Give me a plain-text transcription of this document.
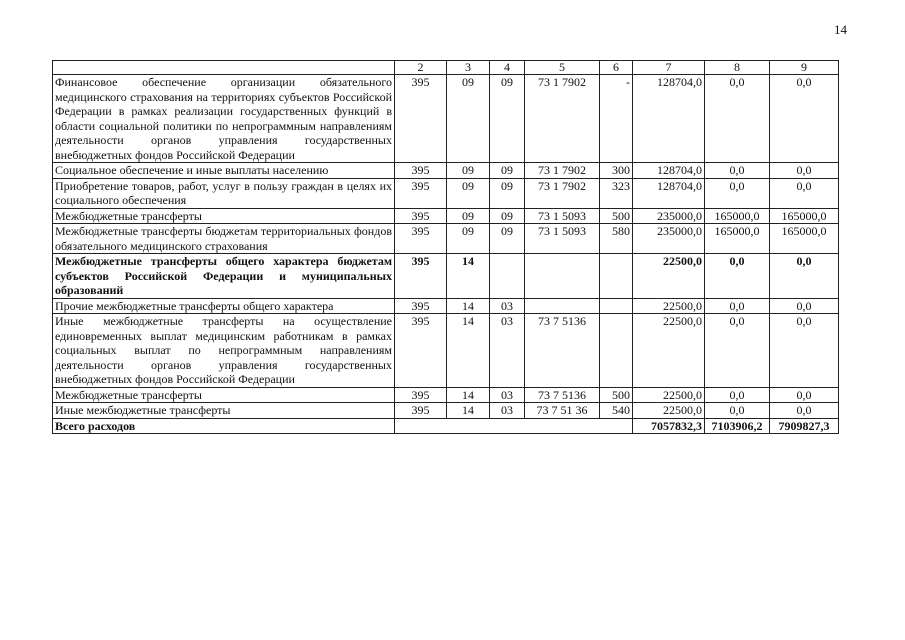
14
	2	3	4	5	6	7	8	9
Финансовое обеспечение организации обязательного медицинского страхования на территориях субъектов Российской Федерации в рамках реализации государственных функций в области социальной политики по непрограммным направлениям деятельности органов управления государственных внебюджетных фондов Российской Федерации	395	09	09	73 1 7902	-	128704,0	0,0	0,0
Социальное обеспечение и иные выплаты населению	395	09	09	73 1 7902	300	128704,0	0,0	0,0
Приобретение товаров, работ, услуг в пользу граждан в целях их социального обеспечения	395	09	09	73 1 7902	323	128704,0	0,0	0,0
Межбюджетные трансферты	395	09	09	73 1 5093	500	235000,0	165000,0	165000,0
Межбюджетные трансферты бюджетам территориальных фондов обязательного медицинского страхования	395	09	09	73 1 5093	580	235000,0	165000,0	165000,0
Межбюджетные трансферты общего характера бюджетам субъектов Российской Федерации и муниципальных образований	395	14				22500,0	0,0	0,0
Прочие межбюджетные трансферты общего характера	395	14	03			22500,0	0,0	0,0
Иные межбюджетные трансферты на осуществление единовременных выплат медицинским работникам в рамках социальных выплат по непрограммным направлениям деятельности органов управления государственных внебюджетных фондов Российской Федерации	395	14	03	73 7 5136		22500,0	0,0	0,0
Межбюджетные трансферты	395	14	03	73 7 5136	500	22500,0	0,0	0,0
Иные межбюджетные трансферты	395	14	03	73 7 51 36	540	22500,0	0,0	0,0
Всего расходов						7057832,3	7103906,2	7909827,3
